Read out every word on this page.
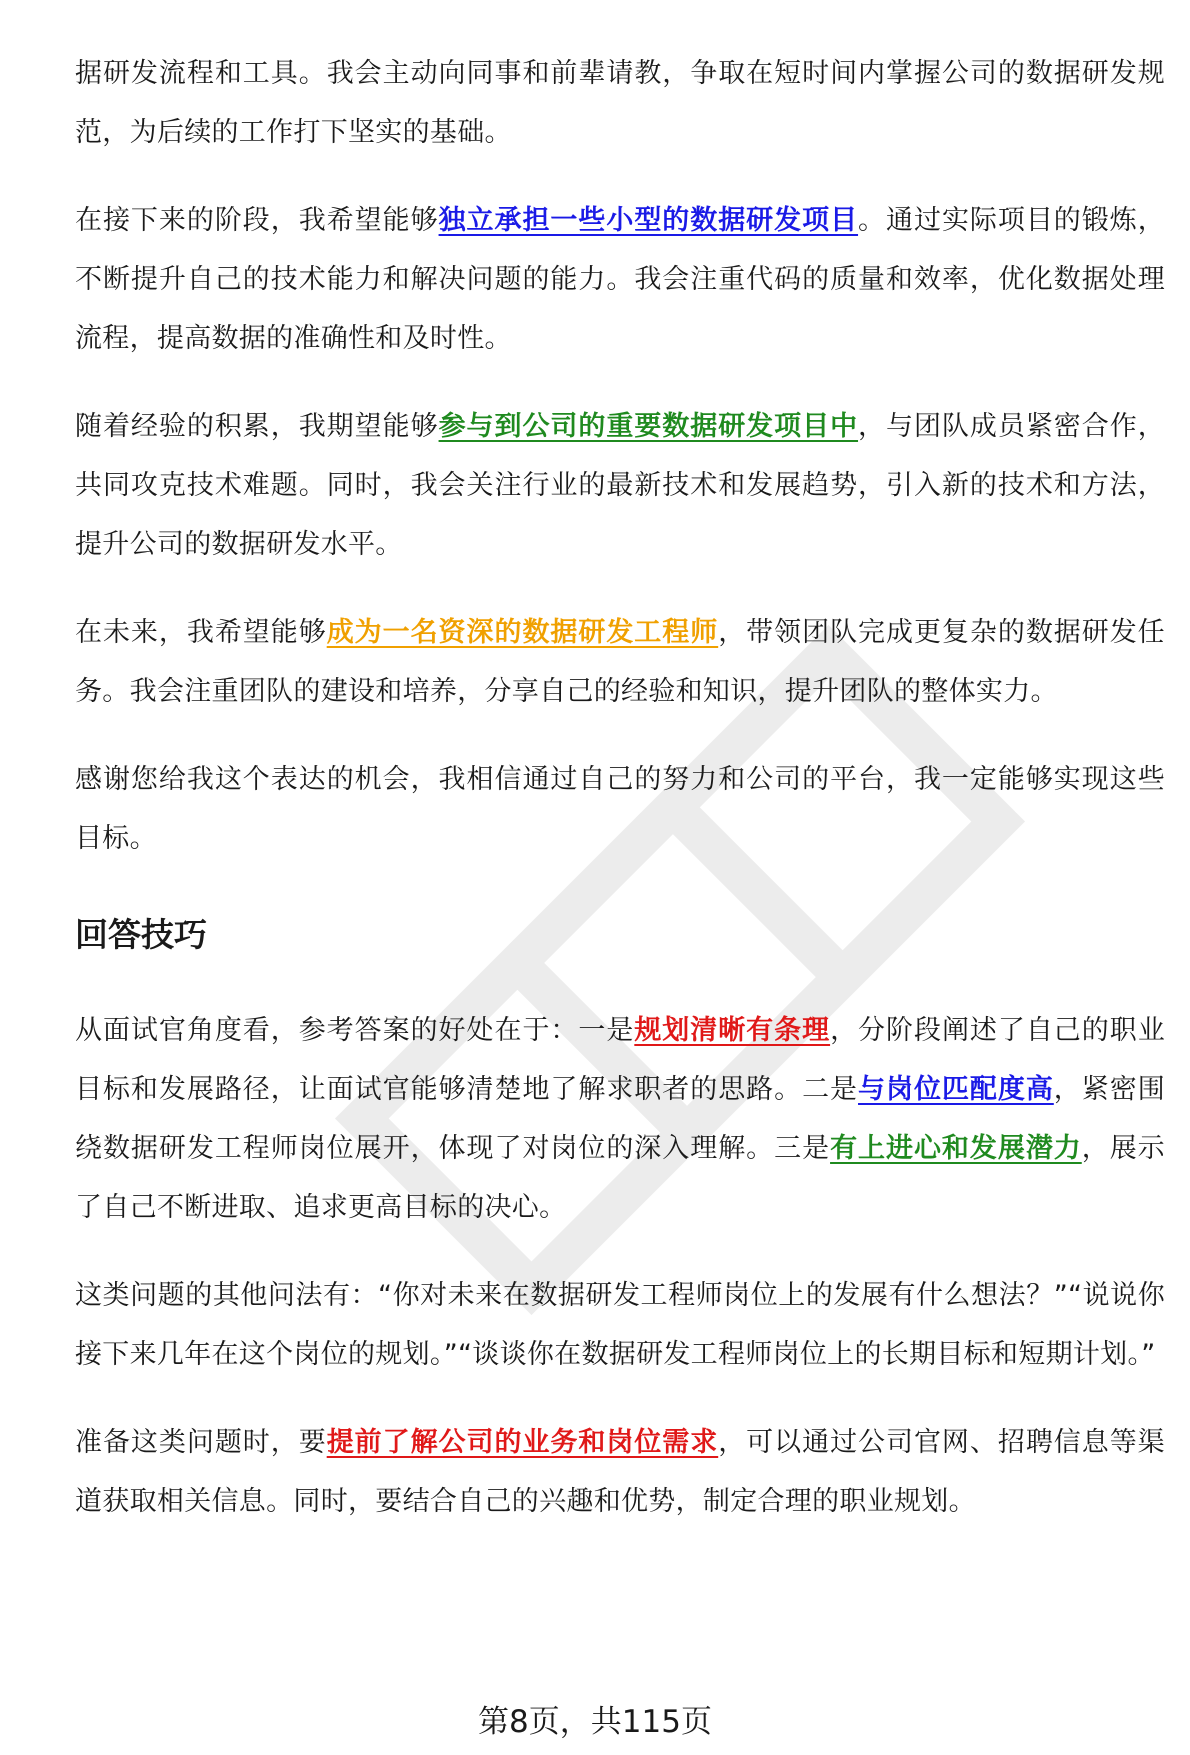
据研发流程和工具。我会主动向同事和前辈请教，争取在短时间内掌握公司的数据研发规范，为后续的工作打下坚实的基础。

在接下来的阶段，我希望能够独立承担一些小型的数据研发项目。通过实际项目的锻炼，不断提升自己的技术能力和解决问题的能力。我会注重代码的质量和效率，优化数据处理流程，提高数据的准确性和及时性。

随着经验的积累，我期望能够参与到公司的重要数据研发项目中，与团队成员紧密合作，共同攻克技术难题。同时，我会关注行业的最新技术和发展趋势，引入新的技术和方法，提升公司的数据研发水平。

在未来，我希望能够成为一名资深的数据研发工程师，带领团队完成更复杂的数据研发任务。我会注重团队的建设和培养，分享自己的经验和知识，提升团队的整体实力。

感谢您给我这个表达的机会，我相信通过自己的努力和公司的平台，我一定能够实现这些目标。

回答技巧

从面试官角度看，参考答案的好处在于：一是规划清晰有条理，分阶段阐述了自己的职业目标和发展路径，让面试官能够清楚地了解求职者的思路。二是与岗位匹配度高，紧密围绕数据研发工程师岗位展开，体现了对岗位的深入理解。三是有上进心和发展潜力，展示了自己不断进取、追求更高目标的决心。

这类问题的其他问法有：“你对未来在数据研发工程师岗位上的发展有什么想法？”“说说你接下来几年在这个岗位的规划。”“谈谈你在数据研发工程师岗位上的长期目标和短期计划。”

准备这类问题时，要提前了解公司的业务和岗位需求，可以通过公司官网、招聘信息等渠道获取相关信息。同时，要结合自己的兴趣和优势，制定合理的职业规划。

第8页，共115页
